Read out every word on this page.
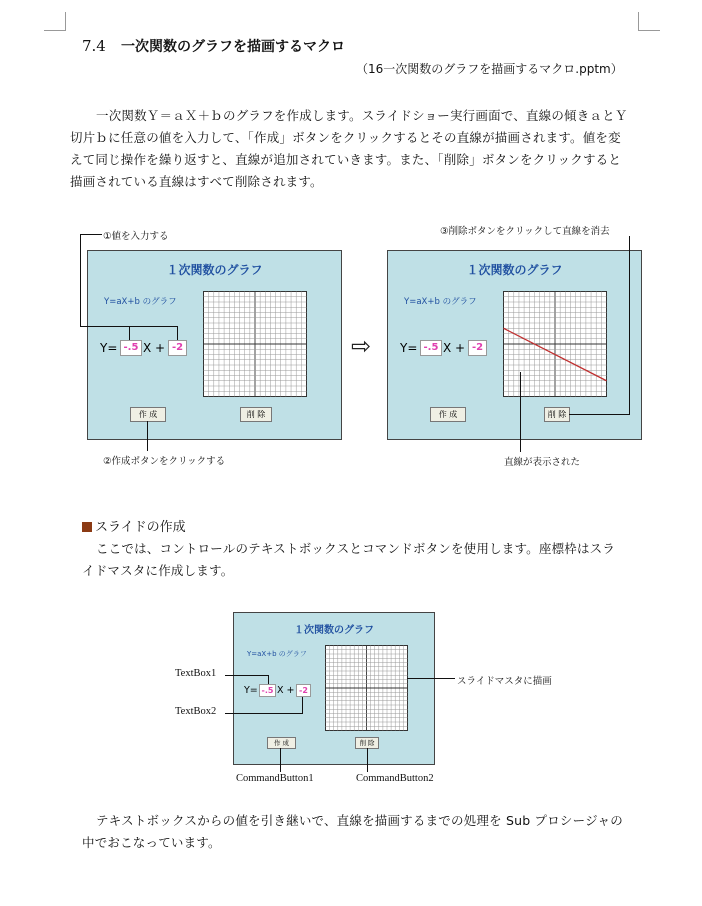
7.4 一次関数のグラフを描画するマクロ
（16一次関数のグラフを描画するマクロ.pptm）
一次関数Ｙ＝ａＸ＋ｂのグラフを作成します。スライドショー実行画面で、直線の傾きａとＹ
切片ｂに任意の値を入力して、「作成」ボタンをクリックするとその直線が描画されます。値を変
えて同じ操作を繰り返すと、直線が追加されていきます。また、「削除」ボタンをクリックすると
描画されている直線はすべて削除されます。
①値を入力する	③削除ボタンをクリックして直線を消去
１次関数のグラフ
Y=aX+b のグラフ
Y= -.5 X + -2
作 成	削 除
②作成ボタンをクリックする
⇨
１次関数のグラフ
Y=aX+b のグラフ
Y= -.5 X + -2
作 成	削 除
直線が表示された
スライドの作成
ここでは、コントロールのテキストボックスとコマンドボタンを使用します。座標枠はスラ
イドマスタに作成します。
１次関数のグラフ
Y=aX+b のグラフ
Y= -.5 X + -2
作 成	削 除
TextBox1
TextBox2
スライドマスタに描画
CommandButton1	CommandButton2
テキストボックスからの値を引き継いで、直線を描画するまでの処理を Sub プロシージャの
中でおこなっています。
